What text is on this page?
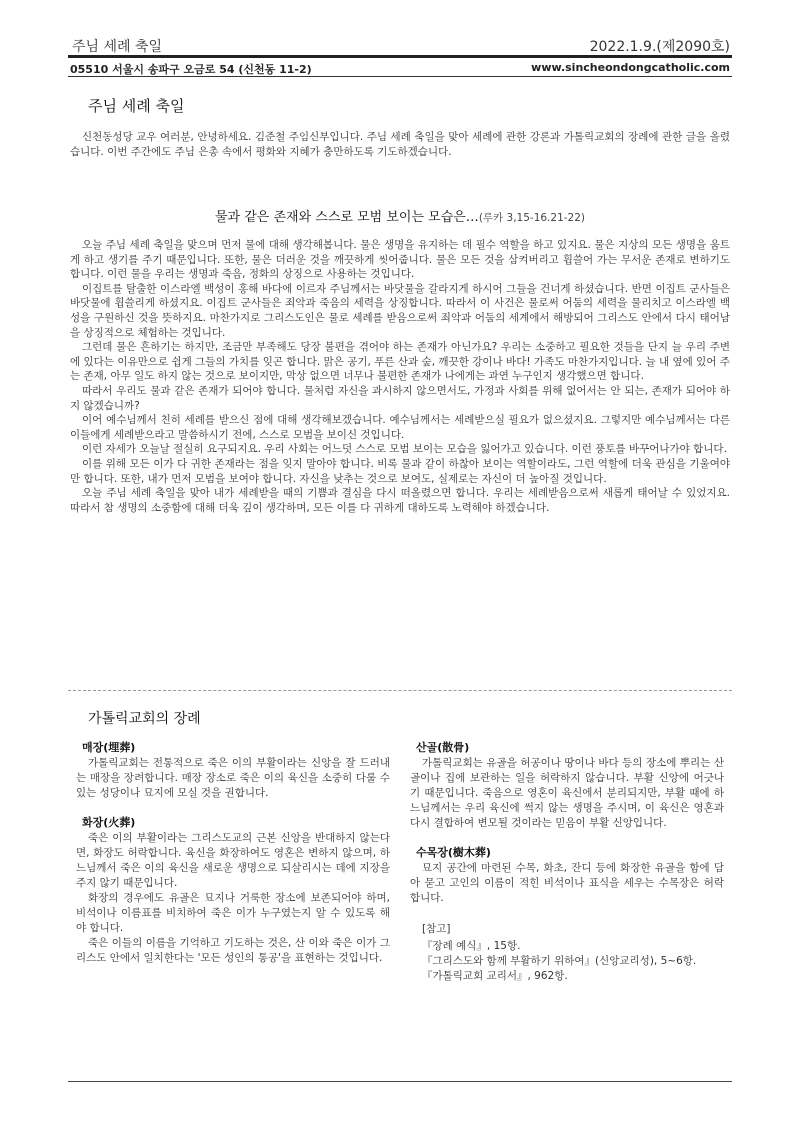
주님 세례 축일	2022.1.9.(제2090호)
05510 서울시 송파구 오금로 54 (신천동 11-2)	www.sincheondongcatholic.com
주님 세례 축일

신천동성당 교우 여러분, 안녕하세요. 김준철 주임신부입니다. 주님 세례 축일을 맞아 세례에 관한 강론과 가톨릭교회의 장례에 관한 글을 올렸습니다. 이번 주간에도 주님 은총 속에서 평화와 지혜가 충만하도록 기도하겠습니다.

물과 같은 존재와 스스로 모범 보이는 모습은…(루카 3,15-16.21-22)

오늘 주님 세례 축일을 맞으며 먼저 물에 대해 생각해봅니다. 물은 생명을 유지하는 데 필수 역할을 하고 있지요. 물은 지상의 모든 생명을 움트게 하고 생기를 주기 때문입니다. 또한, 물은 더러운 것을 깨끗하게 씻어줍니다. 물은 모든 것을 삼켜버리고 휩쓸어 가는 무서운 존재로 변하기도 합니다. 이런 물을 우리는 생명과 죽음, 정화의 상징으로 사용하는 것입니다.

이집트를 탈출한 이스라엘 백성이 홍해 바다에 이르자 주님께서는 바닷물을 갈라지게 하시어 그들을 건너게 하셨습니다. 반면 이집트 군사들은 바닷물에 휩쓸리게 하셨지요. 이집트 군사들은 죄악과 죽음의 세력을 상징합니다. 따라서 이 사건은 물로써 어둠의 세력을 물리치고 이스라엘 백성을 구원하신 것을 뜻하지요. 마찬가지로 그리스도인은 물로 세례를 받음으로써 죄악과 어둠의 세계에서 해방되어 그리스도 안에서 다시 태어남을 상징적으로 체험하는 것입니다.

그런데 물은 흔하기는 하지만, 조금만 부족해도 당장 불편을 겪어야 하는 존재가 아닌가요? 우리는 소중하고 필요한 것들을 단지 늘 우리 주변에 있다는 이유만으로 쉽게 그들의 가치를 잊곤 합니다. 맑은 공기, 푸른 산과 숲, 깨끗한 강이나 바다! 가족도 마찬가지입니다. 늘 내 옆에 있어 주는 존재, 아무 일도 하지 않는 것으로 보이지만, 막상 없으면 너무나 불편한 존재가 나에게는 과연 누구인지 생각했으면 합니다.

따라서 우리도 물과 같은 존재가 되어야 합니다. 물처럼 자신을 과시하지 않으면서도, 가정과 사회를 위해 없어서는 안 되는, 존재가 되어야 하지 않겠습니까?

이어 예수님께서 친히 세례를 받으신 점에 대해 생각해보겠습니다. 예수님께서는 세례받으실 필요가 없으셨지요. 그렇지만 예수님께서는 다른 이들에게 세례받으라고 말씀하시기 전에, 스스로 모범을 보이신 것입니다.

이런 자세가 오늘날 절실히 요구되지요. 우리 사회는 어느덧 스스로 모범 보이는 모습을 잃어가고 있습니다. 이런 풍토를 바꾸어나가야 합니다.

이를 위해 모든 이가 다 귀한 존재라는 점을 잊지 말아야 합니다. 비록 물과 같이 하찮아 보이는 역할이라도, 그런 역할에 더욱 관심을 기울여야만 합니다. 또한, 내가 먼저 모범을 보여야 합니다. 자신을 낮추는 것으로 보여도, 실제로는 자신이 더 높아질 것입니다.

오늘 주님 세례 축일을 맞아 내가 세례받을 때의 기쁨과 결심을 다시 떠올렸으면 합니다. 우리는 세례받음으로써 새롭게 태어날 수 있었지요. 따라서 참 생명의 소중함에 대해 더욱 깊이 생각하며, 모든 이를 다 귀하게 대하도록 노력해야 하겠습니다.

가톨릭교회의 장례
매장(埋葬)

가톨릭교회는 전통적으로 죽은 이의 부활이라는 신앙을 잘 드러내는 매장을 장려합니다. 매장 장소로 죽은 이의 육신을 소중히 다룰 수 있는 성당이나 묘지에 모실 것을 권합니다.

화장(火葬)

죽은 이의 부활이라는 그리스도교의 근본 신앙을 반대하지 않는다면, 화장도 허락합니다. 육신을 화장하여도 영혼은 변하지 않으며, 하느님께서 죽은 이의 육신을 새로운 생명으로 되살리시는 데에 지장을 주지 않기 때문입니다.

화장의 경우에도 유골은 묘지나 거룩한 장소에 보존되어야 하며, 비석이나 이름표를 비치하여 죽은 이가 누구였는지 알 수 있도록 해야 합니다.

죽은 이들의 이름을 기억하고 기도하는 것은, 산 이와 죽은 이가 그리스도 안에서 일치한다는 '모든 성인의 통공'을 표현하는 것입니다.

산골(散骨)

가톨릭교회는 유골을 허공이나 땅이나 바다 등의 장소에 뿌리는 산골이나 집에 보관하는 일을 허락하지 않습니다. 부활 신앙에 어긋나기 때문입니다. 죽음으로 영혼이 육신에서 분리되지만, 부활 때에 하느님께서는 우리 육신에 썩지 않는 생명을 주시며, 이 육신은 영혼과 다시 결합하여 변모될 것이라는 믿음이 부활 신앙입니다.

수목장(樹木葬)

묘지 공간에 마련된 수목, 화초, 잔디 등에 화장한 유골을 함에 담아 묻고 고인의 이름이 적힌 비석이나 표식을 세우는 수목장은 허락합니다.

[참고]

『장례 예식』, 15항.

『그리스도와 함께 부활하기 위하여』(신앙교리성), 5~6항.

『가톨릭교회 교리서』, 962항.
